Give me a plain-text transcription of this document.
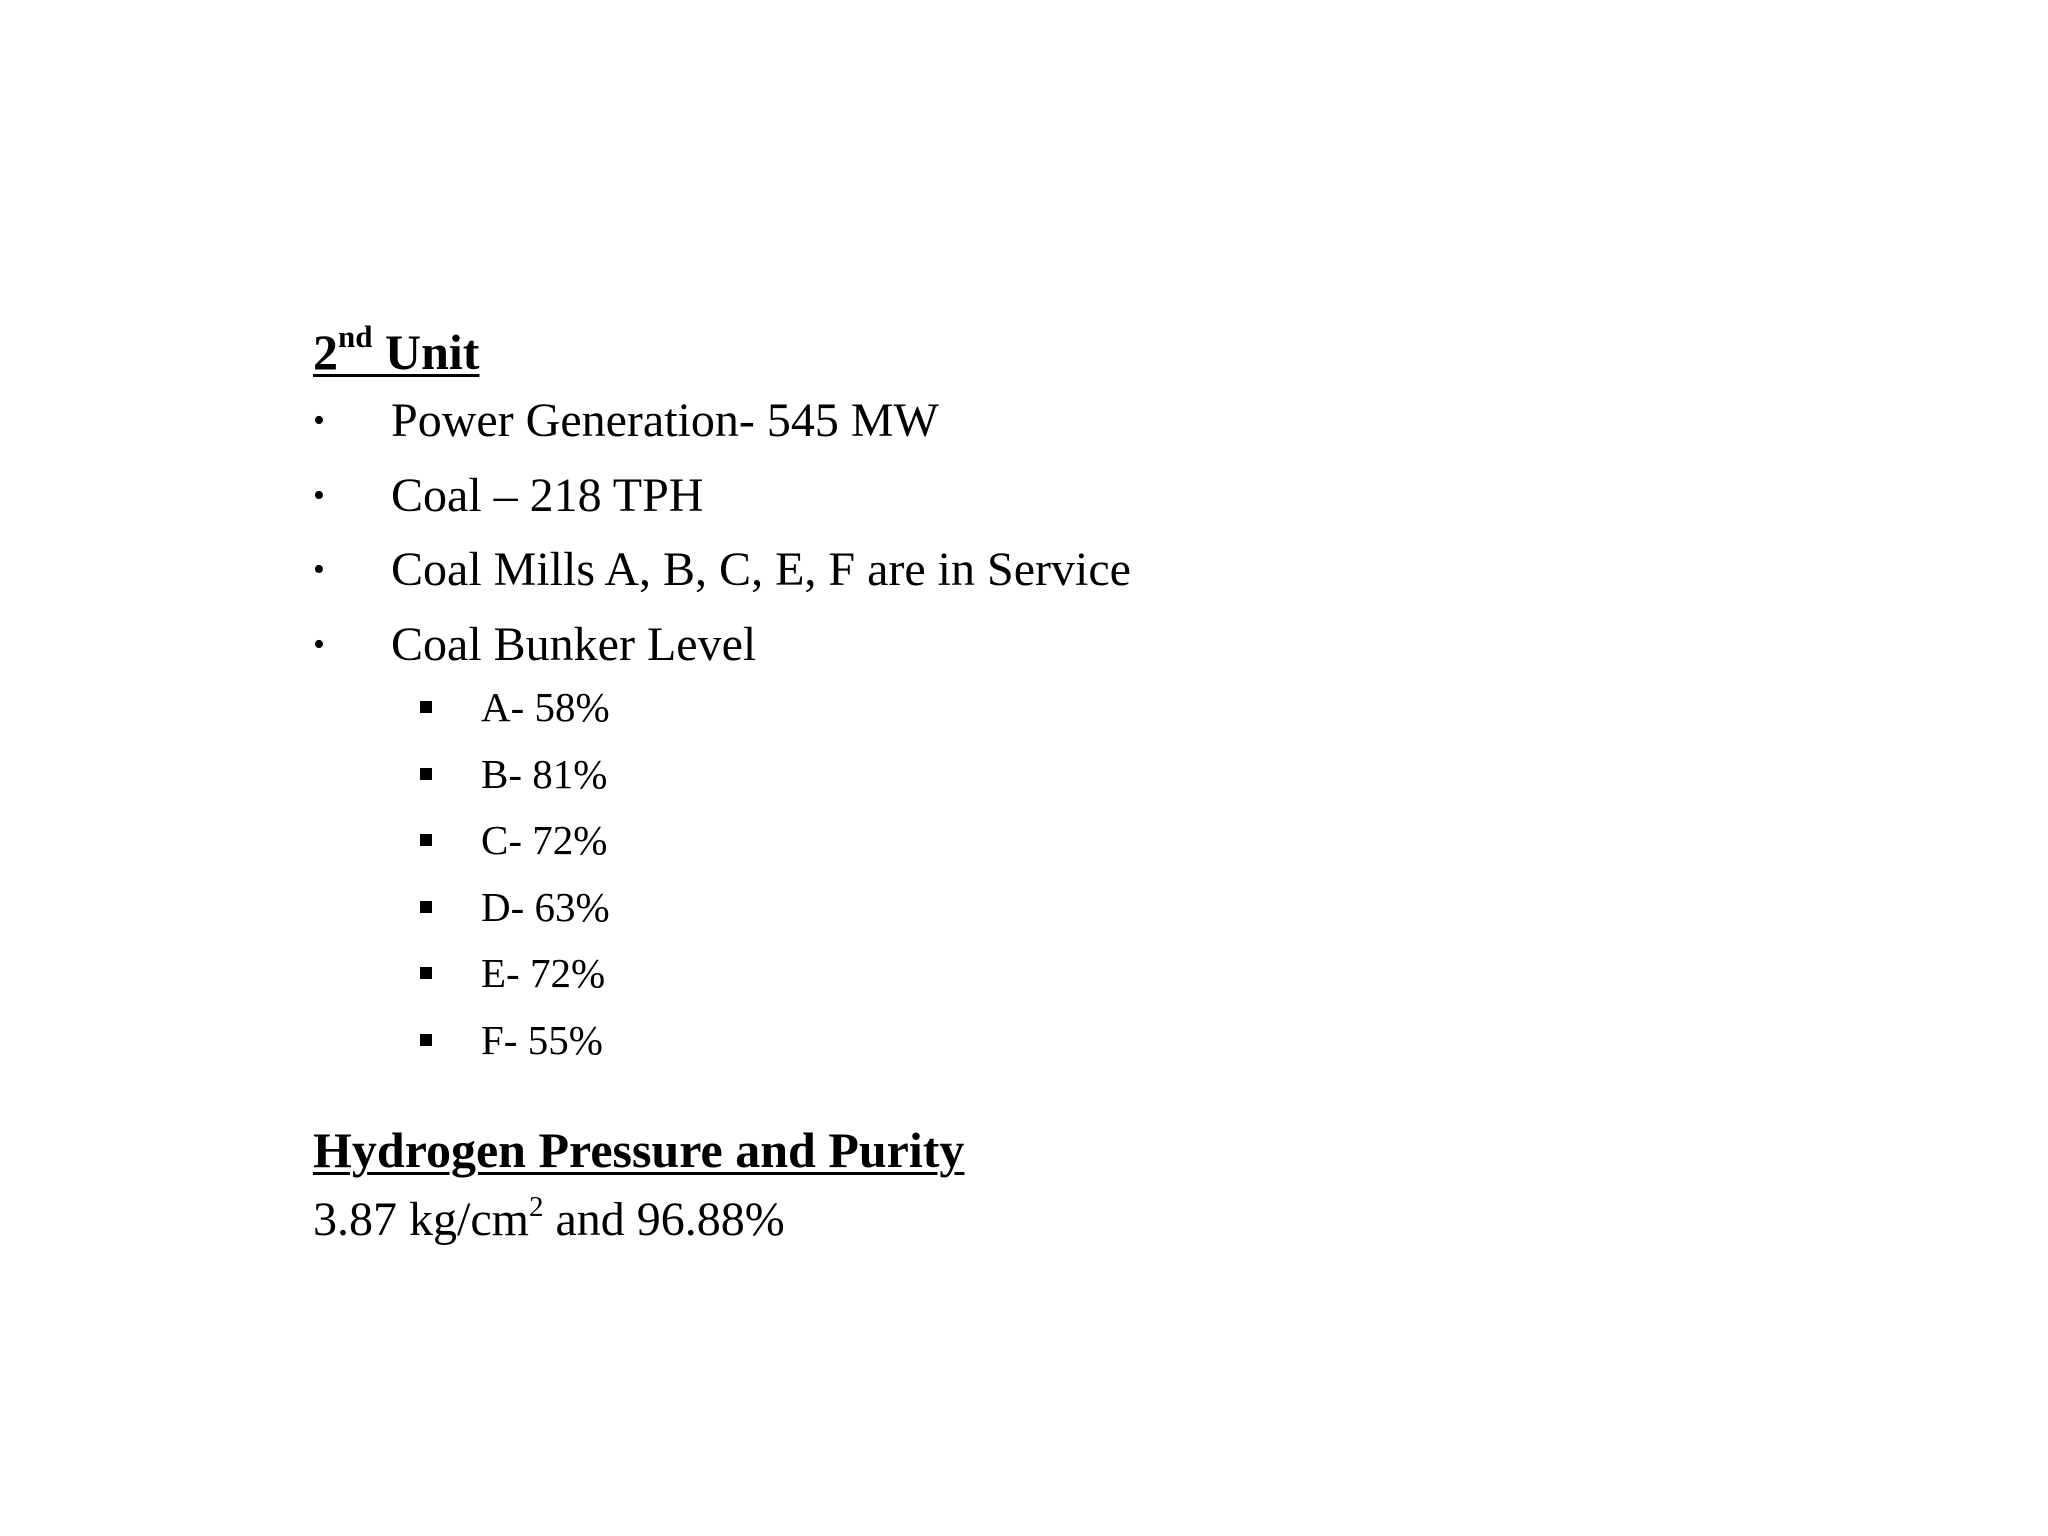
2nd Unit
• Power Generation- 545 MW
• Coal – 218 TPH
• Coal Mills A, B, C, E, F are in Service
• Coal Bunker Level
A- 58%
B- 81%
C- 72%
D- 63%
E- 72%
F- 55%
Hydrogen Pressure and Purity
3.87 $kg/cm^2$ and 96.88%
